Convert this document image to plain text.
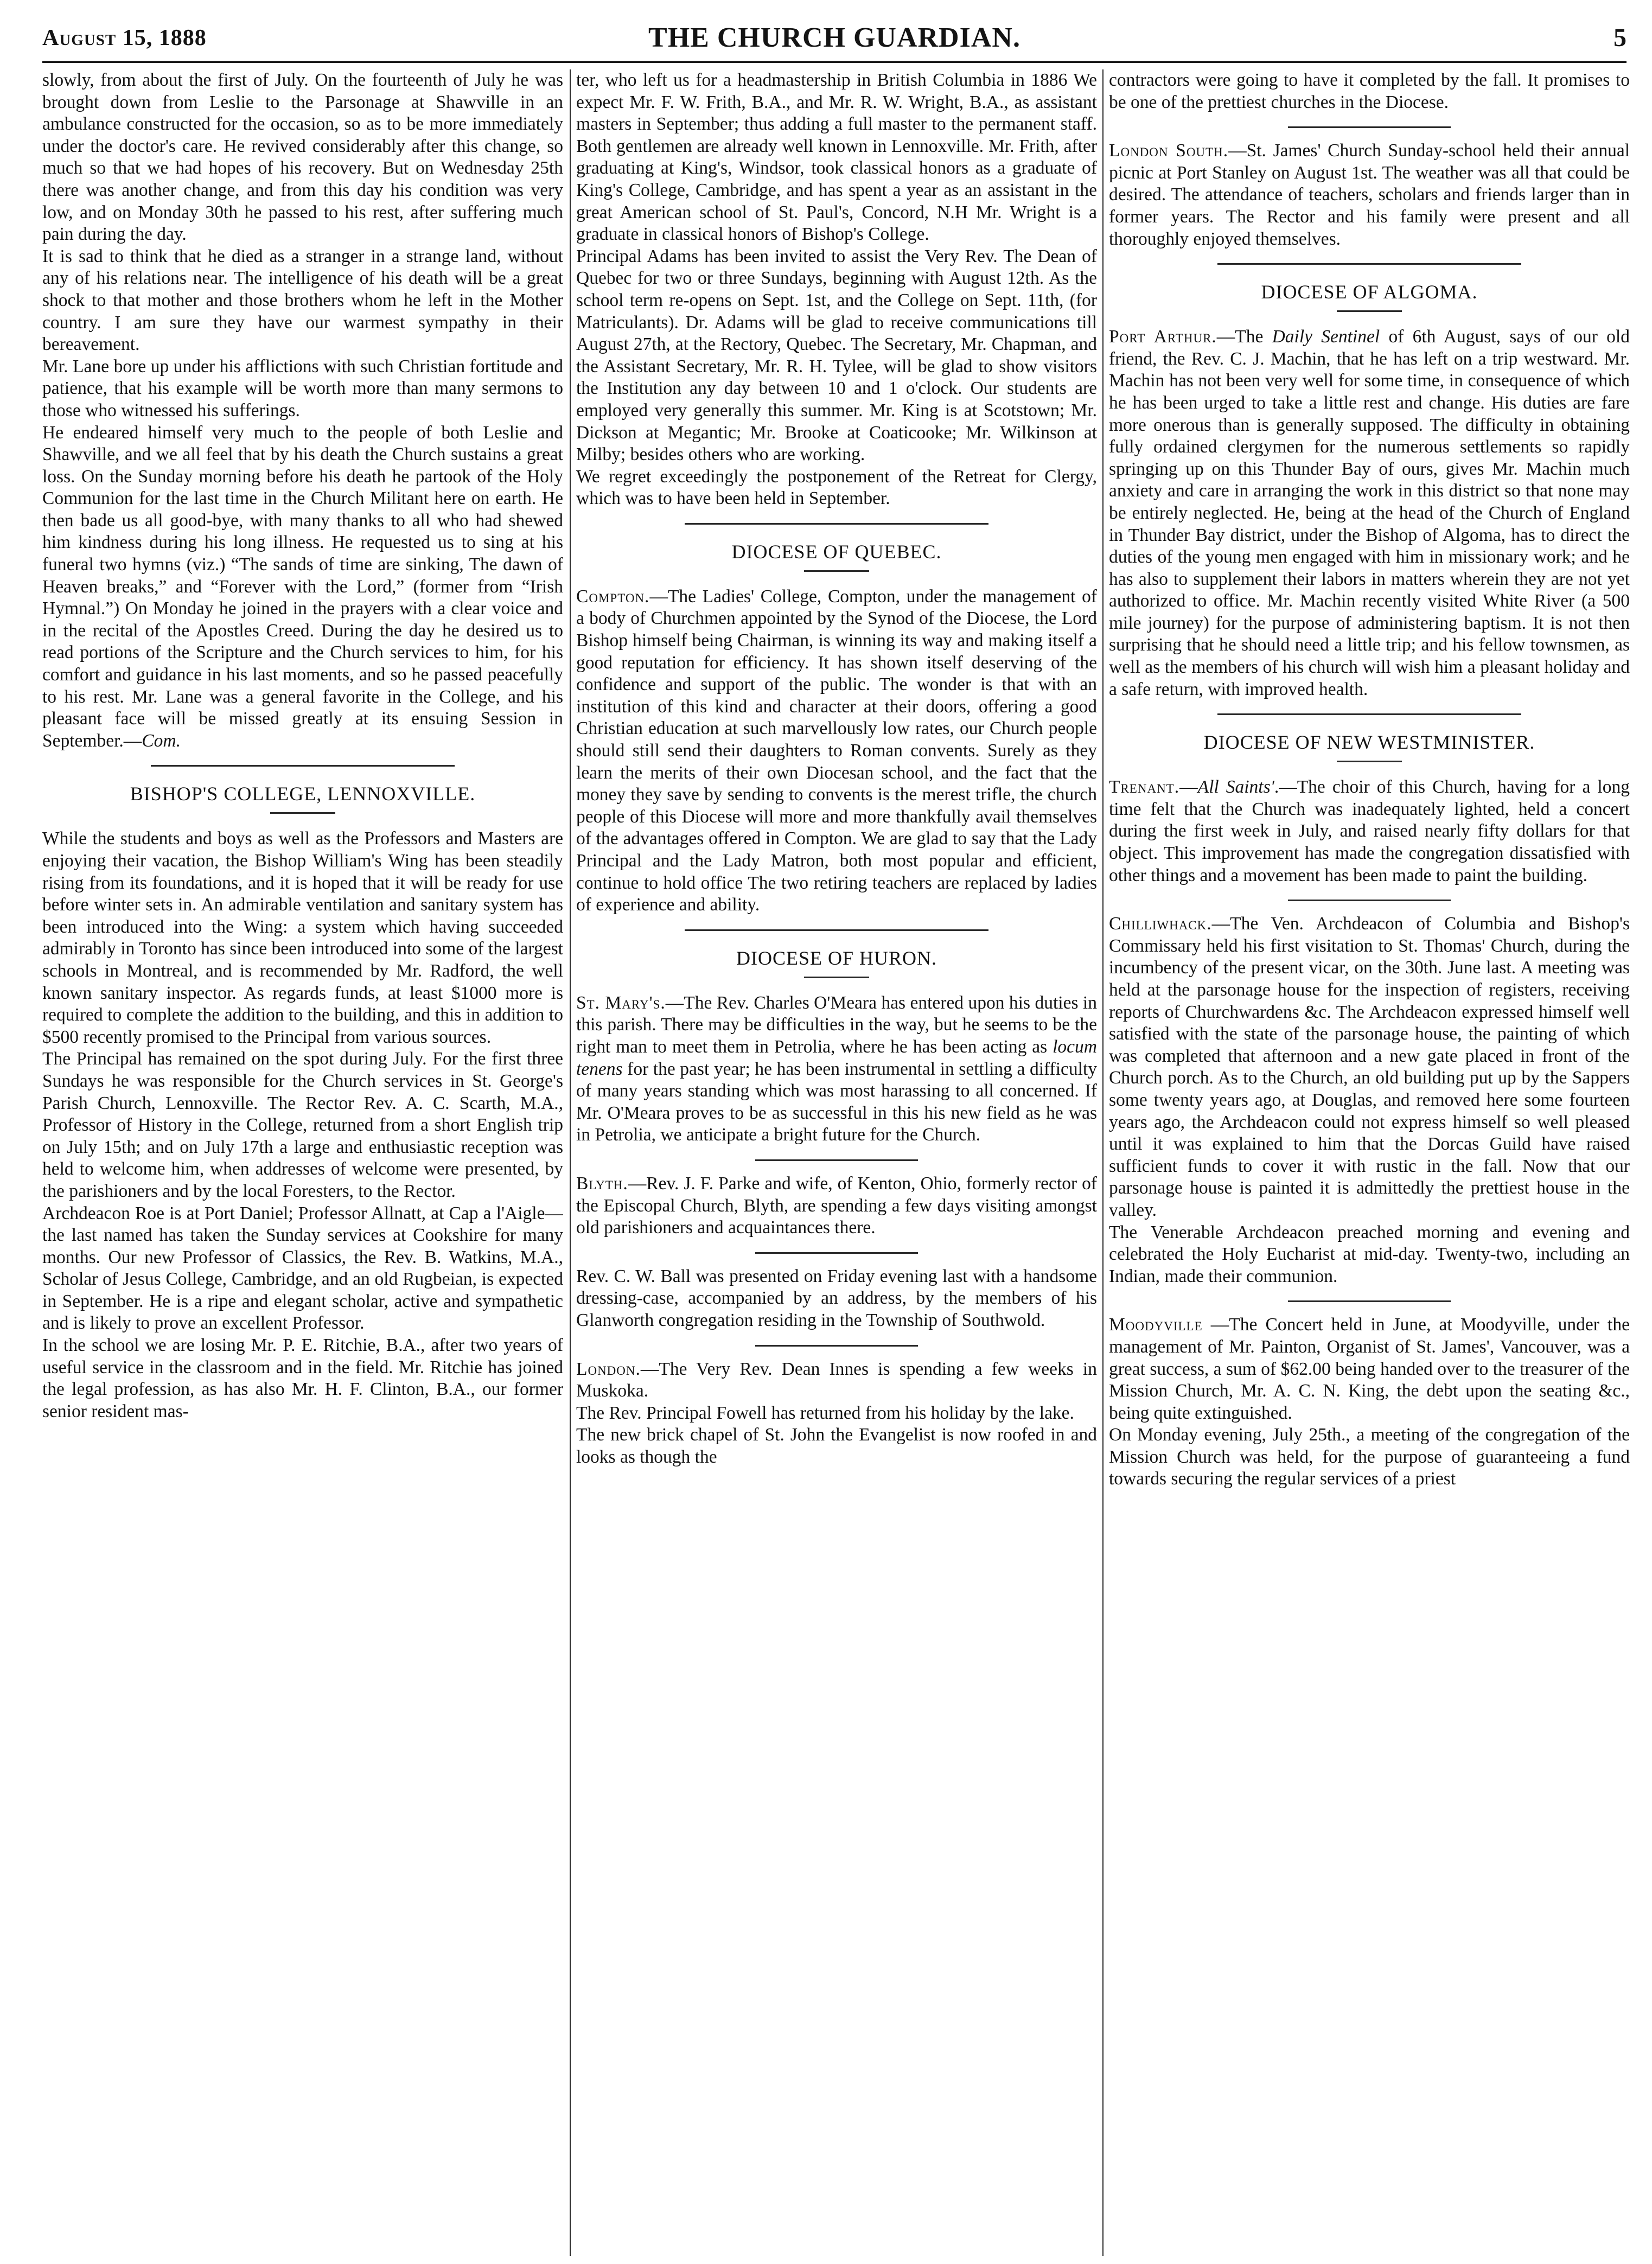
August 15, 1888	THE CHURCH GUARDIAN.	5

slowly, from about the first of July. On the fourteenth of July he was brought down from Leslie to the Parsonage at Shawville in an ambulance constructed for the occasion, so as to be more immediately under the doctor's care. He revived considerably after this change, so much so that we had hopes of his recovery. But on Wednesday 25th there was another change, and from this day his condition was very low, and on Monday 30th he passed to his rest, after suffering much pain during the day.

It is sad to think that he died as a stranger in a strange land, without any of his relations near. The intelligence of his death will be a great shock to that mother and those brothers whom he left in the Mother country. I am sure they have our warmest sympathy in their bereavement.

Mr. Lane bore up under his afflictions with such Christian fortitude and patience, that his example will be worth more than many sermons to those who witnessed his sufferings.

He endeared himself very much to the people of both Leslie and Shawville, and we all feel that by his death the Church sustains a great loss. On the Sunday morning before his death he partook of the Holy Communion for the last time in the Church Militant here on earth. He then bade us all good-bye, with many thanks to all who had shewed him kindness during his long illness. He requested us to sing at his funeral two hymns (viz.) “The sands of time are sinking, The dawn of Heaven breaks,” and “Forever with the Lord,” (former from “Irish Hymnal.”) On Monday he joined in the prayers with a clear voice and in the recital of the Apostles Creed. During the day he desired us to read portions of the Scripture and the Church services to him, for his comfort and guidance in his last moments, and so he passed peacefully to his rest. Mr. Lane was a general favorite in the College, and his pleasant face will be missed greatly at its ensuing Session in September.—Com.

BISHOP'S COLLEGE, LENNOXVILLE.

While the students and boys as well as the Professors and Masters are enjoying their vacation, the Bishop William's Wing has been steadily rising from its foundations, and it is hoped that it will be ready for use before winter sets in. An admirable ventilation and sanitary system has been introduced into the Wing: a system which having succeeded admirably in Toronto has since been introduced into some of the largest schools in Montreal, and is recommended by Mr. Radford, the well known sanitary inspector. As regards funds, at least $1000 more is required to complete the addition to the building, and this in addition to $500 recently promised to the Principal from various sources.

The Principal has remained on the spot during July. For the first three Sundays he was responsible for the Church services in St. George's Parish Church, Lennoxville. The Rector Rev. A. C. Scarth, M.A., Professor of History in the College, returned from a short English trip on July 15th; and on July 17th a large and enthusiastic reception was held to welcome him, when addresses of welcome were presented, by the parishioners and by the local Foresters, to the Rector.

Archdeacon Roe is at Port Daniel; Professor Allnatt, at Cap a l'Aigle—the last named has taken the Sunday services at Cookshire for many months. Our new Professor of Classics, the Rev. B. Watkins, M.A., Scholar of Jesus College, Cambridge, and an old Rugbeian, is expected in September. He is a ripe and elegant scholar, active and sympathetic and is likely to prove an excellent Professor.

In the school we are losing Mr. P. E. Ritchie, B.A., after two years of useful service in the classroom and in the field. Mr. Ritchie has joined the legal profession, as has also Mr. H. F. Clinton, B.A., our former senior resident mas-

ter, who left us for a headmastership in British Columbia in 1886 We expect Mr. F. W. Frith, B.A., and Mr. R. W. Wright, B.A., as assistant masters in September; thus adding a full master to the permanent staff. Both gentlemen are already well known in Lennoxville. Mr. Frith, after graduating at King's, Windsor, took classical honors as a graduate of King's College, Cambridge, and has spent a year as an assistant in the great American school of St. Paul's, Concord, N.H Mr. Wright is a graduate in classical honors of Bishop's College.

Principal Adams has been invited to assist the Very Rev. The Dean of Quebec for two or three Sundays, beginning with August 12th. As the school term re-opens on Sept. 1st, and the College on Sept. 11th, (for Matriculants). Dr. Adams will be glad to receive communications till August 27th, at the Rectory, Quebec. The Secretary, Mr. Chapman, and the Assistant Secretary, Mr. R. H. Tylee, will be glad to show visitors the Institution any day between 10 and 1 o'clock. Our students are employed very generally this summer. Mr. King is at Scotstown; Mr. Dickson at Megantic; Mr. Brooke at Coaticooke; Mr. Wilkinson at Milby; besides others who are working.

We regret exceedingly the postponement of the Retreat for Clergy, which was to have been held in September.

DIOCESE OF QUEBEC.

Compton.—The Ladies' College, Compton, under the management of a body of Churchmen appointed by the Synod of the Diocese, the Lord Bishop himself being Chairman, is winning its way and making itself a good reputation for efficiency. It has shown itself deserving of the confidence and support of the public. The wonder is that with an institution of this kind and character at their doors, offering a good Christian education at such marvellously low rates, our Church people should still send their daughters to Roman convents. Surely as they learn the merits of their own Diocesan school, and the fact that the money they save by sending to convents is the merest trifle, the church people of this Diocese will more and more thankfully avail themselves of the advantages offered in Compton. We are glad to say that the Lady Principal and the Lady Matron, both most popular and efficient, continue to hold office The two retiring teachers are replaced by ladies of experience and ability.

DIOCESE OF HURON.

St. Mary's.—The Rev. Charles O'Meara has entered upon his duties in this parish. There may be difficulties in the way, but he seems to be the right man to meet them in Petrolia, where he has been acting as locum tenens for the past year; he has been instrumental in settling a difficulty of many years standing which was most harassing to all concerned. If Mr. O'Meara proves to be as successful in this his new field as he was in Petrolia, we anticipate a bright future for the Church.

Blyth.—Rev. J. F. Parke and wife, of Kenton, Ohio, formerly rector of the Episcopal Church, Blyth, are spending a few days visiting amongst old parishioners and acquaintances there.

Rev. C. W. Ball was presented on Friday evening last with a handsome dressing-case, accompanied by an address, by the members of his Glanworth congregation residing in the Township of Southwold.

London.—The Very Rev. Dean Innes is spending a few weeks in Muskoka.

The Rev. Principal Fowell has returned from his holiday by the lake.

The new brick chapel of St. John the Evangelist is now roofed in and looks as though the

contractors were going to have it completed by the fall. It promises to be one of the prettiest churches in the Diocese.

London South.—St. James' Church Sunday-school held their annual picnic at Port Stanley on August 1st. The weather was all that could be desired. The attendance of teachers, scholars and friends larger than in former years. The Rector and his family were present and all thoroughly enjoyed themselves.

DIOCESE OF ALGOMA.

Port Arthur.—The Daily Sentinel of 6th August, says of our old friend, the Rev. C. J. Machin, that he has left on a trip westward. Mr. Machin has not been very well for some time, in consequence of which he has been urged to take a little rest and change. His duties are fare more onerous than is generally supposed. The difficulty in obtaining fully ordained clergymen for the numerous settlements so rapidly springing up on this Thunder Bay of ours, gives Mr. Machin much anxiety and care in arranging the work in this district so that none may be entirely neglected. He, being at the head of the Church of England in Thunder Bay district, under the Bishop of Algoma, has to direct the duties of the young men engaged with him in missionary work; and he has also to supplement their labors in matters wherein they are not yet authorized to office. Mr. Machin recently visited White River (a 500 mile journey) for the purpose of administering baptism. It is not then surprising that he should need a little trip; and his fellow townsmen, as well as the members of his church will wish him a pleasant holiday and a safe return, with improved health.

DIOCESE OF NEW WESTMINISTER.

Trenant.—All Saints'.—The choir of this Church, having for a long time felt that the Church was inadequately lighted, held a concert during the first week in July, and raised nearly fifty dollars for that object. This improvement has made the congregation dissatisfied with other things and a movement has been made to paint the building.

Chilliwhack.—The Ven. Archdeacon of Columbia and Bishop's Commissary held his first visitation to St. Thomas' Church, during the incumbency of the present vicar, on the 30th. June last. A meeting was held at the parsonage house for the inspection of registers, receiving reports of Churchwardens &c. The Archdeacon expressed himself well satisfied with the state of the parsonage house, the painting of which was completed that afternoon and a new gate placed in front of the Church porch. As to the Church, an old building put up by the Sappers some twenty years ago, at Douglas, and removed here some fourteen years ago, the Archdeacon could not express himself so well pleased until it was explained to him that the Dorcas Guild have raised sufficient funds to cover it with rustic in the fall. Now that our parsonage house is painted it is admittedly the prettiest house in the valley.

The Venerable Archdeacon preached morning and evening and celebrated the Holy Eucharist at mid-day. Twenty-two, including an Indian, made their communion.

Moodyville —The Concert held in June, at Moodyville, under the management of Mr. Painton, Organist of St. James', Vancouver, was a great success, a sum of $62.00 being handed over to the treasurer of the Mission Church, Mr. A. C. N. King, the debt upon the seating &c., being quite extinguished.

On Monday evening, July 25th., a meeting of the congregation of the Mission Church was held, for the purpose of guaranteeing a fund towards securing the regular services of a priest
